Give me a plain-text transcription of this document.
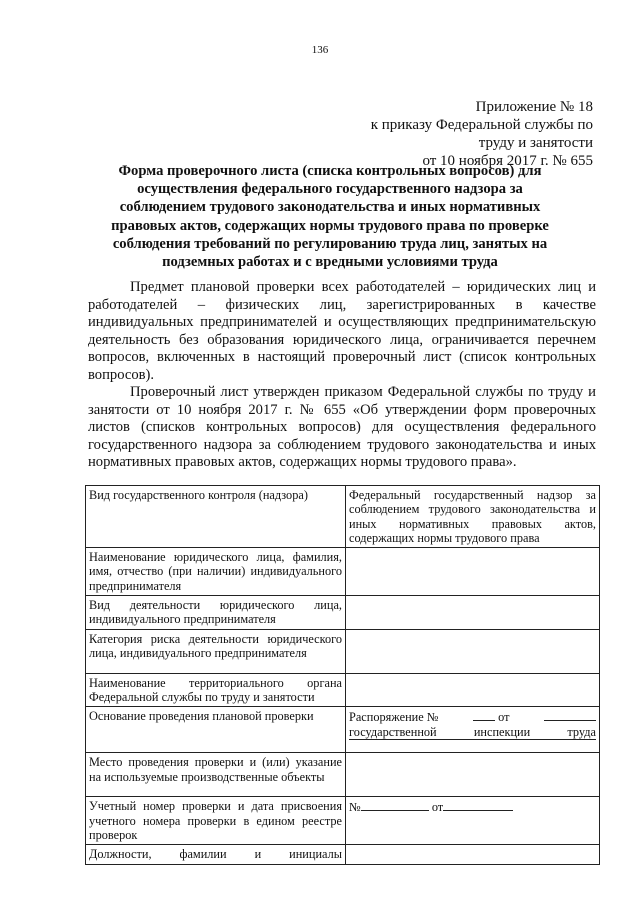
136
Приложение № 18
к приказу Федеральной службы по
труду и занятости
от 10 ноября 2017 г. № 655
Форма проверочного листа (списка контрольных вопросов) для осуществления федерального государственного надзора за соблюдением трудового законодательства и иных нормативных правовых актов, содержащих нормы трудового права по проверке соблюдения требований по регулированию труда лиц, занятых на подземных работах и с вредными условиями труда
Предмет плановой проверки всех работодателей – юридических лиц и работодателей – физических лиц, зарегистрированных в качестве индивидуальных предпринимателей и осуществляющих предпринимательскую деятельность без образования юридического лица, ограничивается перечнем вопросов, включенных в настоящий проверочный лист (список контрольных вопросов).
Проверочный лист утвержден приказом Федеральной службы по труду и занятости от 10 ноября 2017 г. № 655 «Об утверждении форм проверочных листов (списков контрольных вопросов) для осуществления федерального государственного надзора за соблюдением трудового законодательства и иных нормативных правовых актов, содержащих нормы трудового права».
Вид государственного контроля (надзора)	Федеральный государственный надзор за соблюдением трудового законодательства и иных нормативных правовых актов, содержащих нормы трудового права
Наименование юридического лица, фамилия, имя, отчество (при наличии) индивидуального предпринимателя	
Вид деятельности юридического лица, индивидуального предпринимателя	
Категория риска деятельности юридического лица, индивидуального предпринимателя	
Наименование территориального органа Федеральной службы по труду и занятости	
Основание проведения плановой проверки	Распоряжение № от
государственной инспекции труда

Место проведения проверки и (или) указание на используемые производственные объекты	
Учетный номер проверки и дата присвоения учетного номера проверки в едином реестре проверок	№ от
Должности, фамилии и инициалы	
